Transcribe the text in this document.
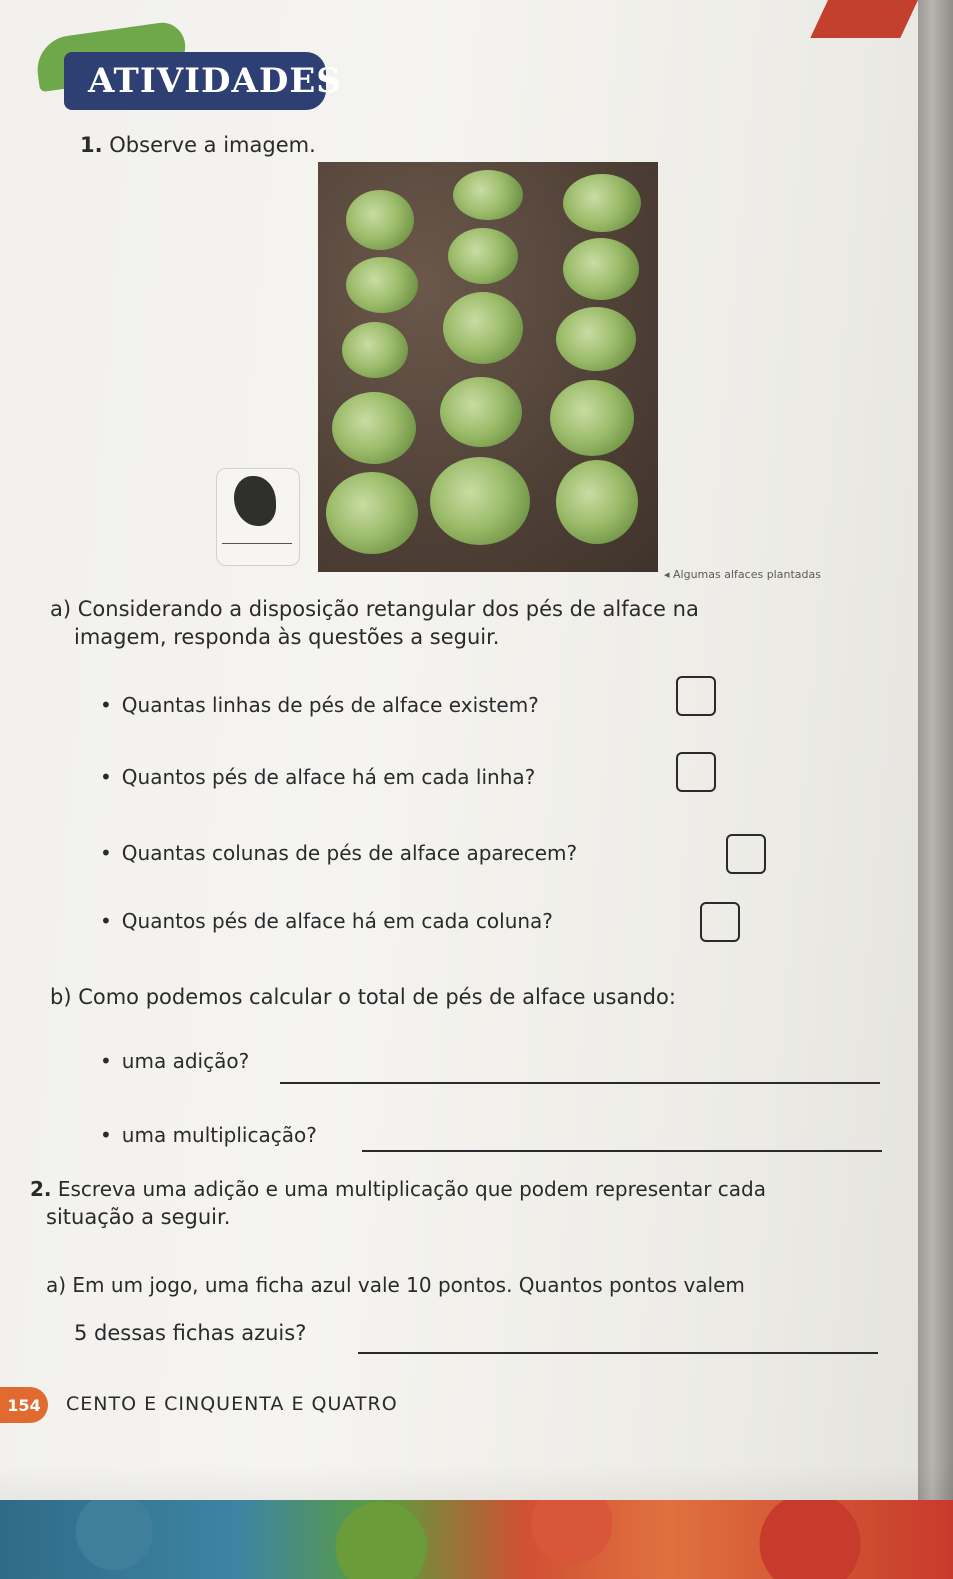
ATIVIDADES
1. Observe a imagem.
◂ Algumas alfaces plantadas
a) Considerando a disposição retangular dos pés de alface na
imagem, responda às questões a seguir.
• Quantas linhas de pés de alface existem?
• Quantos pés de alface há em cada linha?
• Quantas colunas de pés de alface aparecem?
• Quantos pés de alface há em cada coluna?
b) Como podemos calcular o total de pés de alface usando:
• uma adição?
• uma multiplicação?
2. Escreva uma adição e uma multiplicação que podem representar cada
situação a seguir.
a) Em um jogo, uma ficha azul vale 10 pontos. Quantos pontos valem
5 dessas fichas azuis?
154	CENTO E CINQUENTA E QUATRO
